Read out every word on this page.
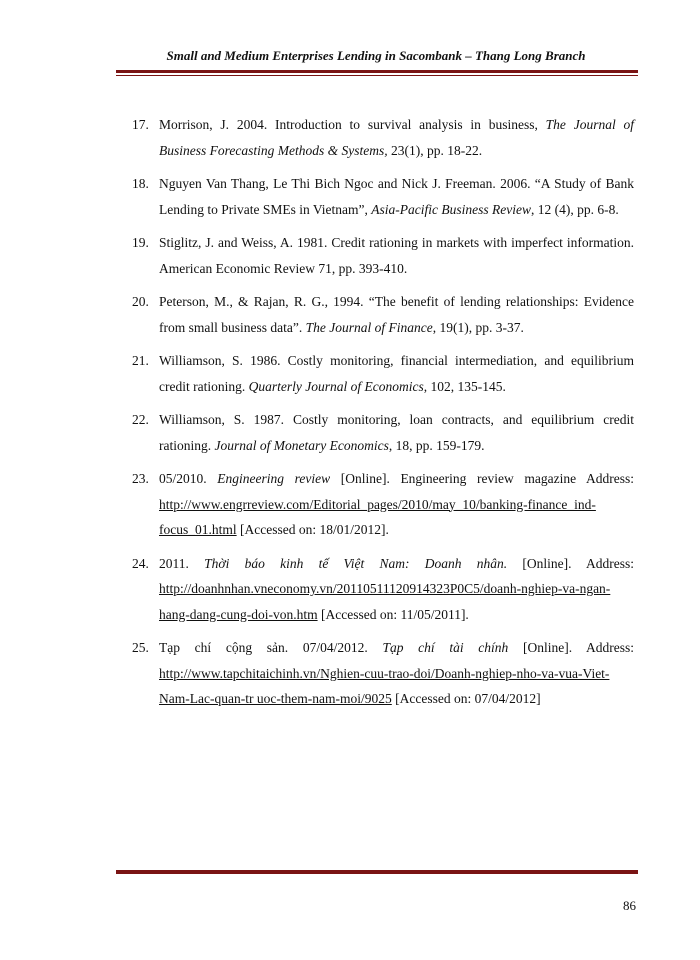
Small and Medium Enterprises Lending in Sacombank – Thang Long Branch
17. Morrison, J. 2004. Introduction to survival analysis in business, The Journal of Business Forecasting Methods & Systems, 23(1), pp. 18-22.
18. Nguyen Van Thang, Le Thi Bich Ngoc and Nick J. Freeman. 2006. “A Study of Bank Lending to Private SMEs in Vietnam”, Asia-Pacific Business Review, 12 (4), pp. 6-8.
19. Stiglitz, J. and Weiss, A. 1981. Credit rationing in markets with imperfect information. American Economic Review 71, pp. 393-410.
20. Peterson, M., & Rajan, R. G., 1994. “The benefit of lending relationships: Evidence from small business data”. The Journal of Finance, 19(1), pp. 3-37.
21. Williamson, S. 1986. Costly monitoring, financial intermediation, and equilibrium credit rationing. Quarterly Journal of Economics, 102, 135-145.
22. Williamson, S. 1987. Costly monitoring, loan contracts, and equilibrium credit rationing. Journal of Monetary Economics, 18, pp. 159-179.
23. 05/2010. Engineering review [Online]. Engineering review magazine Address: http://www.engrreview.com/Editorial_pages/2010/may_10/banking-finance_ind-focus_01.html [Accessed on: 18/01/2012].
24. 2011. Thời báo kinh tế Việt Nam: Doanh nhân. [Online]. Address: http://doanhnhan.vneconomy.vn/20110511120914323P0C5/doanh-nghiep-va-ngan-hang-dang-cung-doi-von.htm [Accessed on: 11/05/2011].
25. Tạp chí cộng sản. 07/04/2012. Tạp chí tài chính [Online]. Address: http://www.tapchitaichinh.vn/Nghien-cuu-trao-doi/Doanh-nghiep-nho-va-vua-Viet-Nam-Lac-quan-tr uoc-them-nam-moi/9025 [Accessed on: 07/04/2012]
86
